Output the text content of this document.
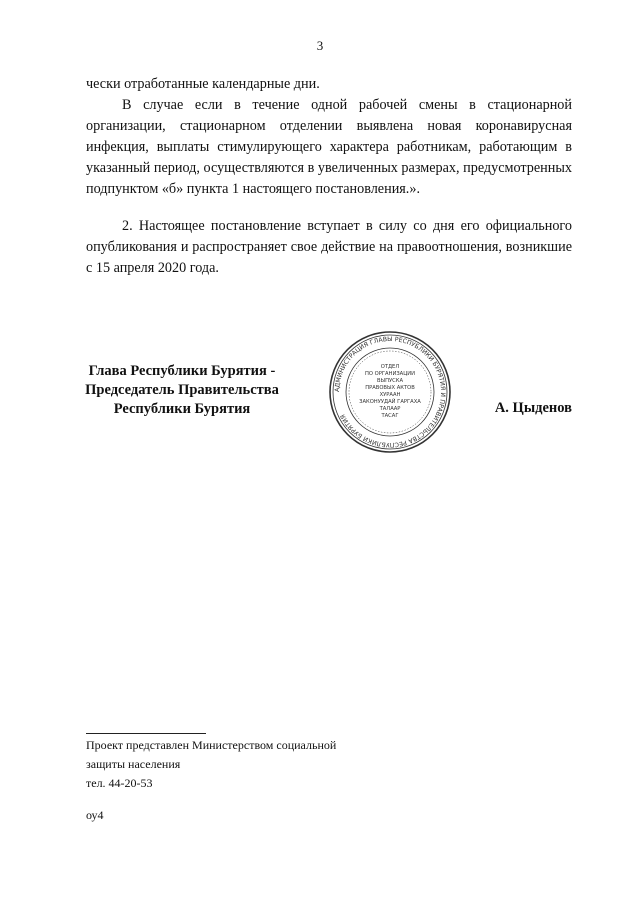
3

чески отработанные календарные дни.

В случае если в течение одной рабочей смены в стационарной организации, стационарном отделении выявлена новая коронавирусная инфекция, выплаты стимулирующего характера работникам, работающим в указанный период, осуществляются в увеличенных размерах, предусмотренных подпунктом «б» пункта 1 настоящего постановления.».

2. Настоящее постановление вступает в силу со дня его официального опубликования и распространяет свое действие на правоотношения, возникшие с 15 апреля 2020 года.

Глава Республики Бурятия -
Председатель Правительства
Республики Бурятия
АДМИНИСТРАЦИЯ ГЛАВЫ РЕСПУБЛИКИ БУРЯТИЯ И ПРАВИТЕЛЬСТВА РЕСПУБЛИКИ БУРЯТИЯ
ОТДЕЛ
ПО ОРГАНИЗАЦИИ
ВЫПУСКА
ПРАВОВЫХ АКТОВ
ХУРААН
ЗАКОНУУДАЙ ГАРГАХА
ТАЛААР
ТАСАГ	А. Цыденов
Проект представлен Министерством социальной
защиты населения
тел. 44-20-53
оу4
